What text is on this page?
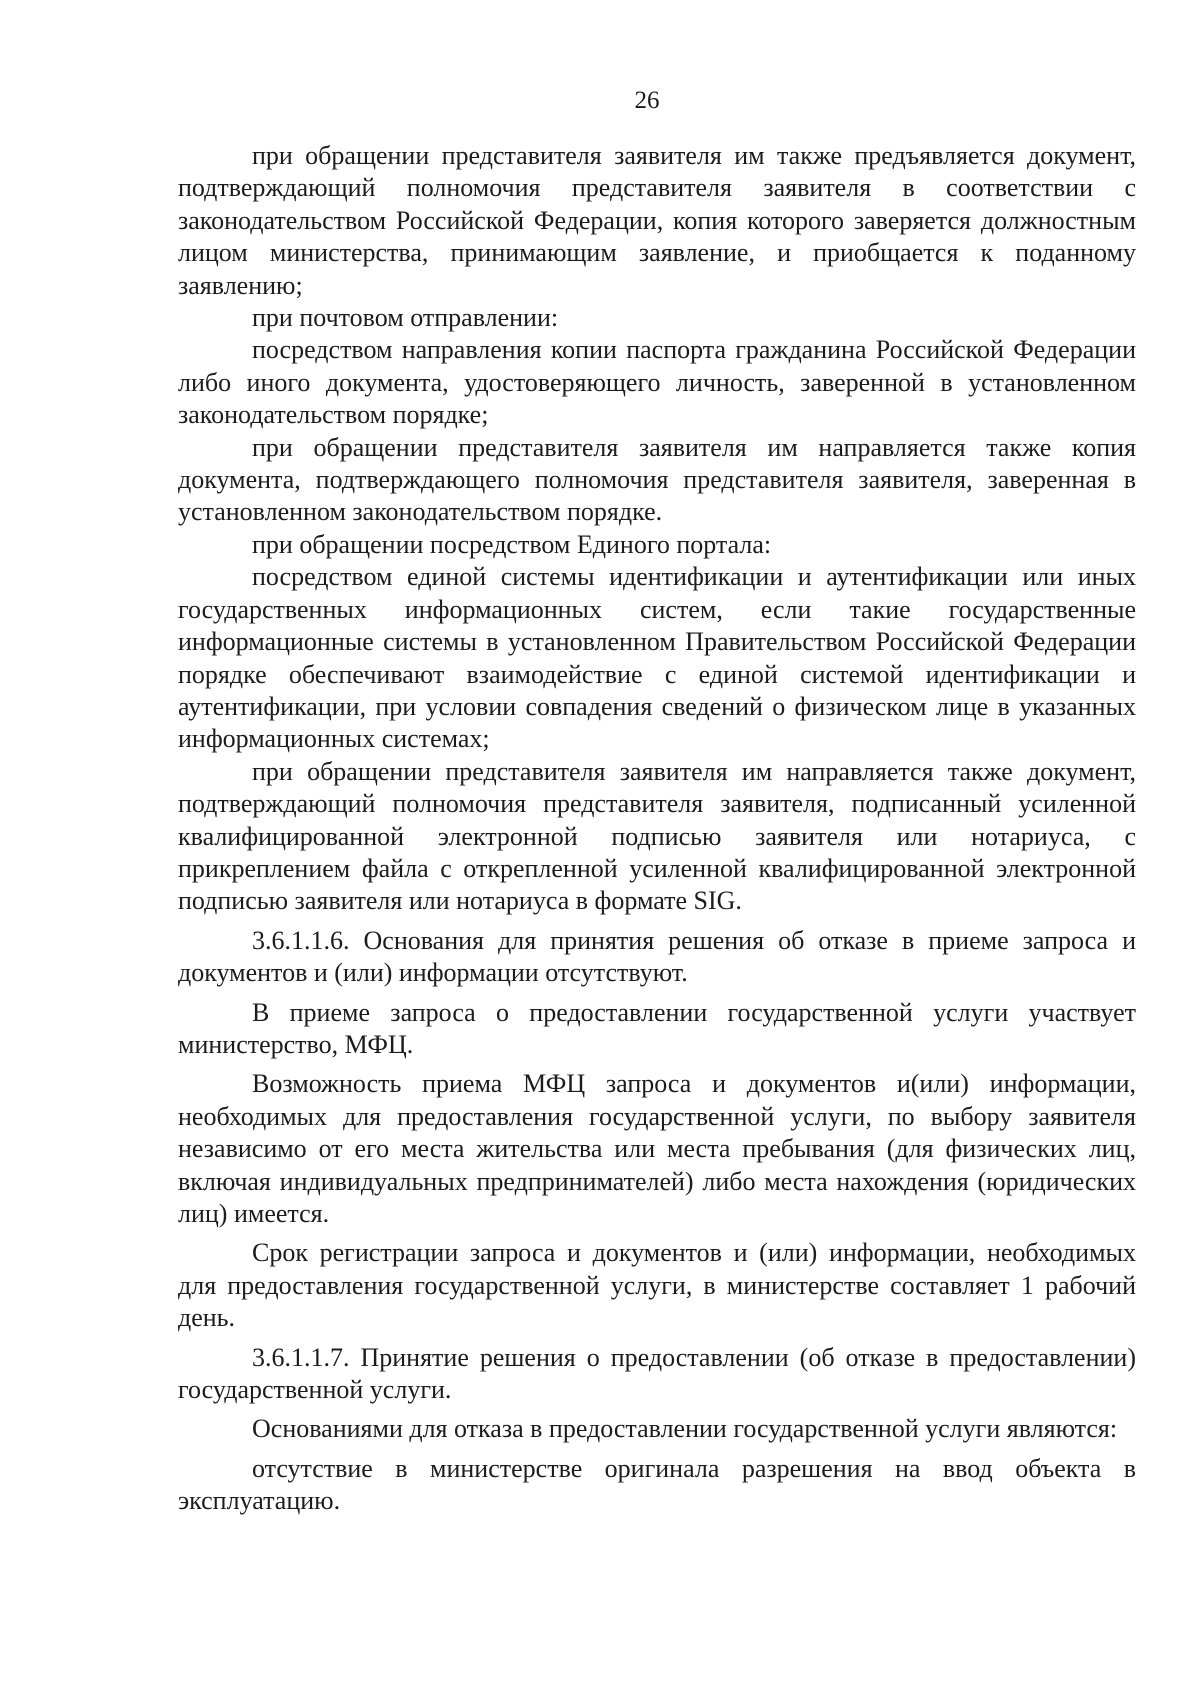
26

при обращении представителя заявителя им также предъявляется документ, подтверждающий полномочия представителя заявителя в соответствии с законодательством Российской Федерации, копия которого заверяется должностным лицом министерства, принимающим заявление, и приобщается к поданному заявлению;

при почтовом отправлении:

посредством направления копии паспорта гражданина Российской Федерации либо иного документа, удостоверяющего личность, заверенной в установленном законодательством порядке;

при обращении представителя заявителя им направляется также копия документа, подтверждающего полномочия представителя заявителя, заверенная в установленном законодательством порядке.

при обращении посредством Единого портала:

посредством единой системы идентификации и аутентификации или иных государственных информационных систем, если такие государственные информационные системы в установленном Правительством Российской Федерации порядке обеспечивают взаимодействие с единой системой идентификации и аутентификации, при условии совпадения сведений о физическом лице в указанных информационных системах;

при обращении представителя заявителя им направляется также документ, подтверждающий полномочия представителя заявителя, подписанный усиленной квалифицированной электронной подписью заявителя или нотариуса, с прикреплением файла с открепленной усиленной квалифицированной электронной подписью заявителя или нотариуса в формате SIG.

3.6.1.1.6. Основания для принятия решения об отказе в приеме запроса и документов и (или) информации отсутствуют.

В приеме запроса о предоставлении государственной услуги участвует министерство, МФЦ.

Возможность приема МФЦ запроса и документов и(или) информации, необходимых для предоставления государственной услуги, по выбору заявителя независимо от его места жительства или места пребывания (для физических лиц, включая индивидуальных предпринимателей) либо места нахождения (юридических лиц) имеется.

Срок регистрации запроса и документов и (или) информации, необходимых для предоставления государственной услуги, в министерстве составляет 1 рабочий день.

3.6.1.1.7. Принятие решения о предоставлении (об отказе в предоставлении) государственной услуги.

Основаниями для отказа в предоставлении государственной услуги являются:

отсутствие в министерстве оригинала разрешения на ввод объекта в эксплуатацию.
